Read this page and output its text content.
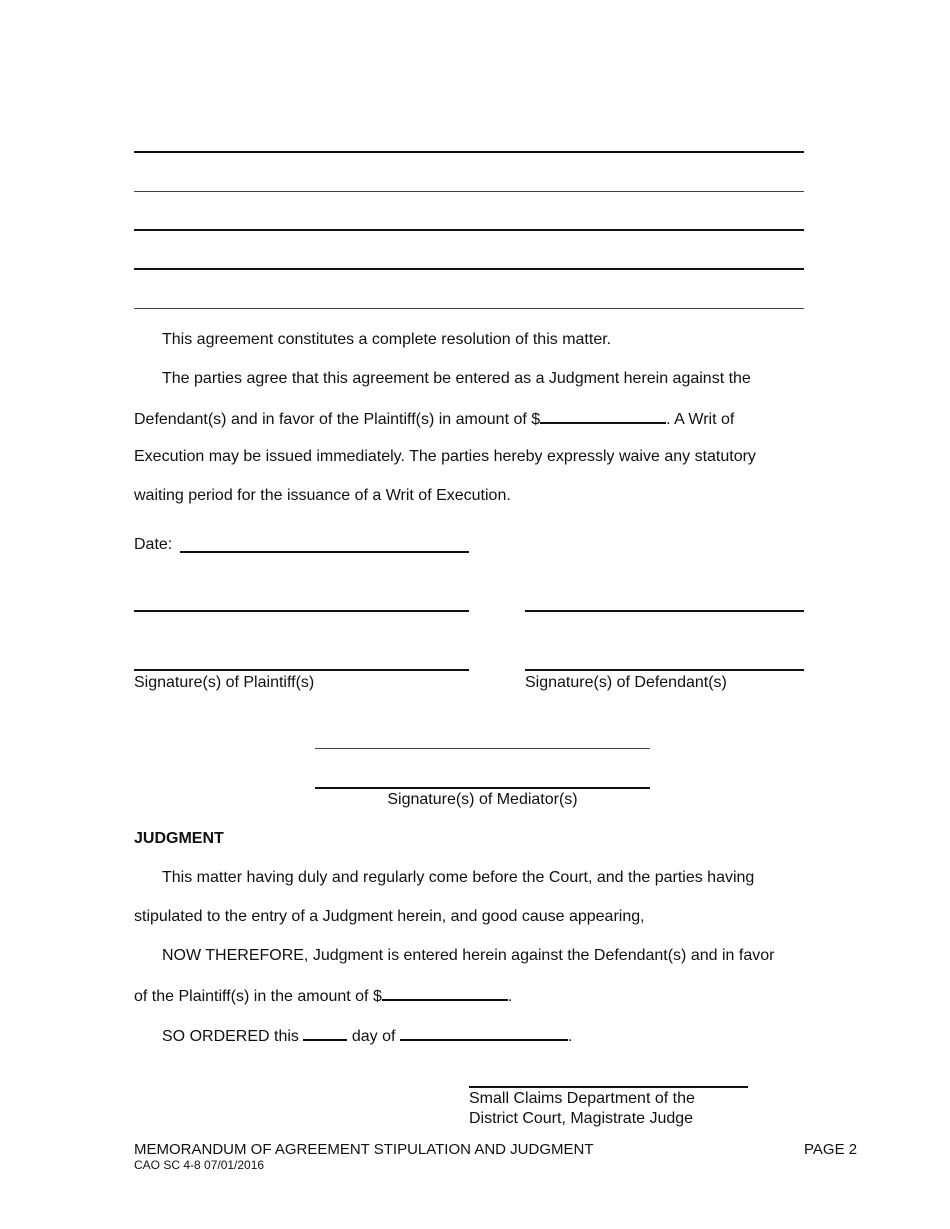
This agreement constitutes a complete resolution of this matter.
The parties agree that this agreement be entered as a Judgment herein against the
Defendant(s) and in favor of the Plaintiff(s) in amount of $	. A Writ of
Execution may be issued immediately. The parties hereby expressly waive any statutory
waiting period for the issuance of a Writ of Execution.
Date:
Signature(s) of Plaintiff(s)	Signature(s) of Defendant(s)
Signature(s) of Mediator(s)
JUDGMENT
This matter having duly and regularly come before the Court, and the parties having
stipulated to the entry of a Judgment herein, and good cause appearing,
NOW THEREFORE, Judgment is entered herein against the Defendant(s) and in favor
of the Plaintiff(s) in the amount of $	.
SO ORDERED this	day of	.
Small Claims Department of the
District Court, Magistrate Judge
MEMORANDUM OF AGREEMENT STIPULATION AND JUDGMENT
CAO SC 4-8 07/01/2016
PAGE 2
